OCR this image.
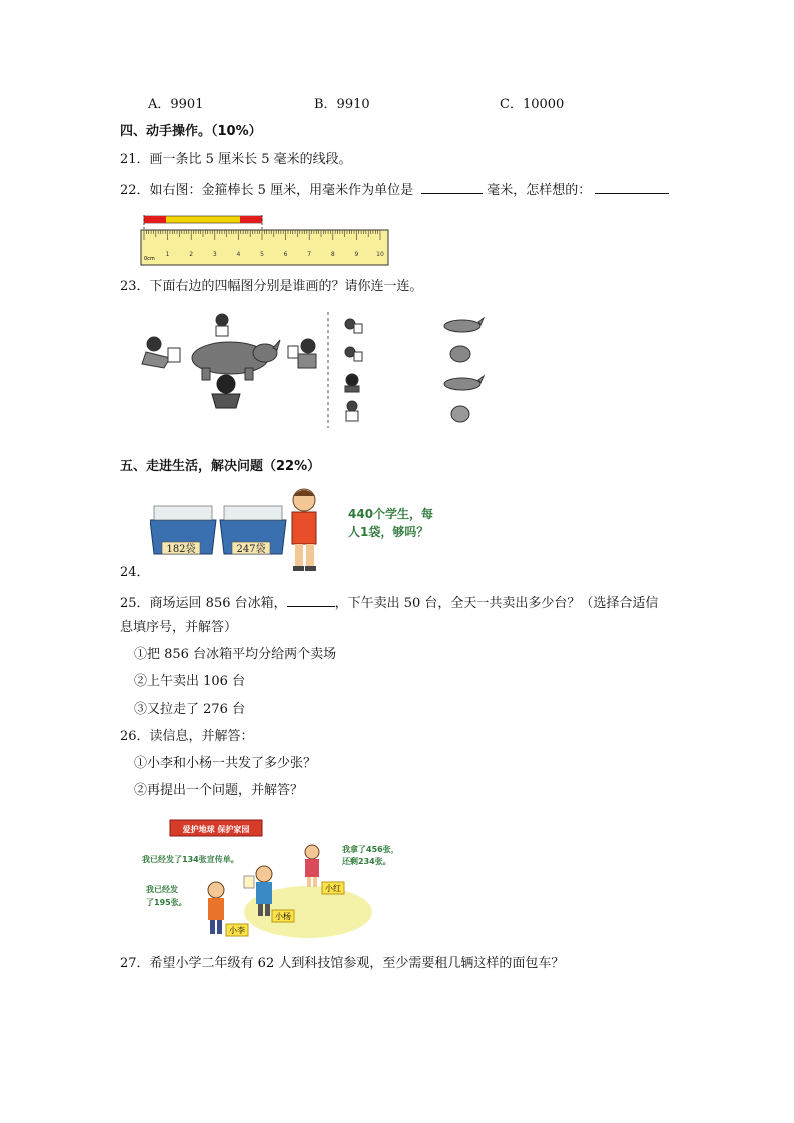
A．9901	B．9910	C．10000
四、动手操作。（10%）
21．画一条比 5 厘米长 5 毫米的线段。
22．如右图：金箍棒长 5 厘米，用毫米作为单位是	毫米，怎样想的：
0cm
1	2	3	4	5	6	7	8	9	10
23．下面右边的四幅图分别是谁画的？请你连一连。
五、走进生活，解决问题（22%）
182袋	247袋
440个学生，每
人1袋，够吗？
24．
25．商场运回 856 台冰箱，	，下午卖出 50 台，全天一共卖出多少台？（选择合适信
息填序号，并解答）
①把 856 台冰箱平均分给两个卖场
②上午卖出 106 台
③又拉走了 276 台
26．读信息，并解答：
①小李和小杨一共发了多少张？
②再提出一个问题，并解答？
爱护地球 保护家园
我已经发了134张宣传单。
我已经发
了195张。
我拿了456张，
还剩234张。
小李
小杨
小红
27．希望小学二年级有 62 人到科技馆参观，至少需要租几辆这样的面包车？
